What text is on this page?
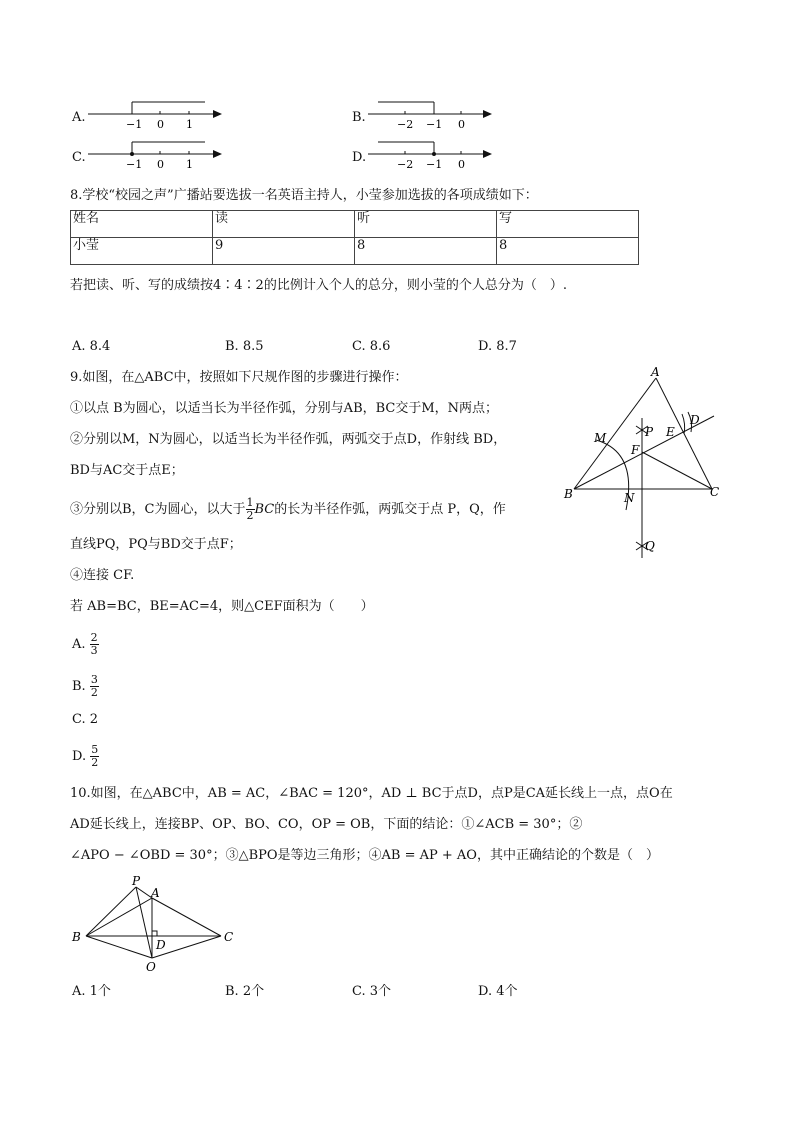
A.	−1 0 1	B.	−2 −1 0
C.	−1 0 1	D.	−2 −1 0
8.学校“校园之声”广播站要选拔一名英语主持人，小莹参加选拔的各项成绩如下：
姓名	读	听	写
小莹	9	8	8
若把读、听、写的成绩按4∶4∶2的比例计入个人的总分，则小莹的个人总分为（　）.
A. 8.4	B. 8.5	C. 8.6	D. 8.7
9.如图，在△ABC中，按照如下尺规作图的步骤进行操作：
①以点 B为圆心，以适当长为半径作弧，分别与AB，BC交于M，N两点；
②分别以M，N为圆心，以适当长为半径作弧，两弧交于点D，作射线 BD，
BD与AC交于点E；
③分别以B，C为圆心，以大于 $\frac{1}{2}$ BC的长为半径作弧，两弧交于点 P，Q，作
直线PQ，PQ与BD交于点F；
④连接 CF.
若 AB=BC，BE=AC=4，则△CEF面积为（　　）
A. $\frac{2}{3}$
B. $\frac{3}{2}$
C. 2
D. $\frac{5}{2}$
A
B	C
M
N
D
E
F
P
Q
10.如图，在△ABC中，AB = AC，∠BAC = 120°，AD ⊥ BC于点D，点P是CA延长线上一点，点O在
AD延长线上，连接BP、OP、BO、CO，OP = OB，下面的结论：①∠ACB = 30°；②
∠APO − ∠OBD = 30°；③△BPO是等边三角形；④AB = AP + AO，其中正确结论的个数是（　）
P
A
B	C
D
O
A. 1个	B. 2个	C. 3个	D. 4个
